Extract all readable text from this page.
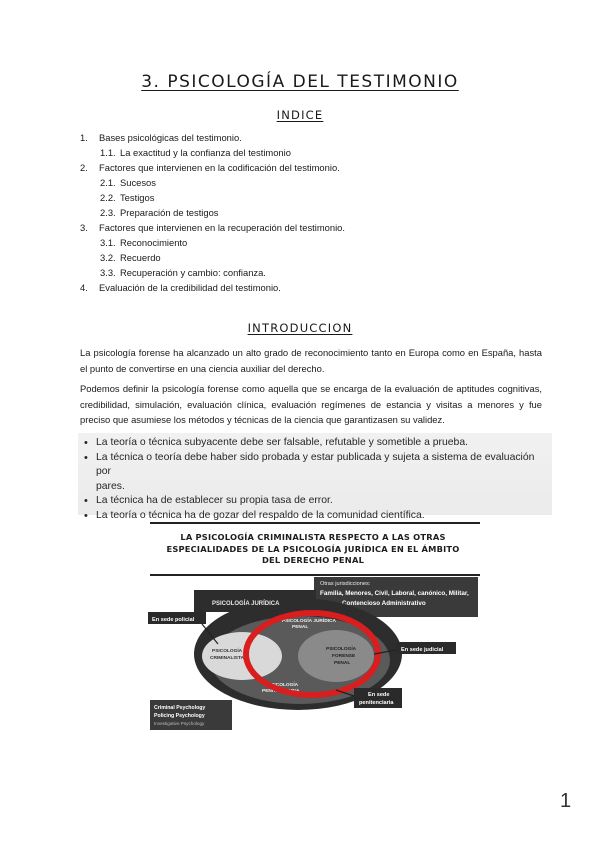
3. PSICOLOGÍA DEL TESTIMONIO
INDICE
1. Bases psicológicas del testimonio.
1.1. La exactitud y la confianza del testimonio
2. Factores que intervienen en la codificación del testimonio.
2.1. Sucesos
2.2. Testigos
2.3. Preparación de testigos
3. Factores que intervienen en la recuperación del testimonio.
3.1. Reconocimiento
3.2. Recuerdo
3.3. Recuperación y cambio: confianza.
4. Evaluación de la credibilidad del testimonio.
INTRODUCCION

La psicología forense ha alcanzado un alto grado de reconocimiento tanto en Europa como en España, hasta el punto de convertirse en una ciencia auxiliar del derecho.

Podemos definir la psicología forense como aquella que se encarga de la evaluación de aptitudes cognitivas, credibilidad, simulación, evaluación clínica, evaluación regímenes de estancia y visitas a menores y fue preciso que asumiese los métodos y técnicas de la ciencia que garantizasen su validez.

• La teoría o técnica subyacente debe ser falsable, refutable y sometible a prueba.
• La técnica o teoría debe haber sido probada y estar publicada y sujeta a sistema de evaluación por
pares.
• La técnica ha de establecer su propia tasa de error.
• La teoría o técnica ha de gozar del respaldo de la comunidad científica.
LA PSICOLOGÍA CRIMINALISTA RESPECTO A LAS OTRAS
ESPECIALIDADES DE LA PSICOLOGÍA JURÍDICA EN EL ÁMBITO
DEL DERECHO PENAL
Otras jurisdicciones:
Familia, Menores, Civil, Laboral, canónico, Militar,
Contencioso Administrativo
PSICOLOGÍA JURÍDICA
PSICOLOGÍA JURÍDICA
PENAL
PSICOLOGÍA
CRIMINALISTA
PSICOLOGÍA
FORENSE
PENAL
PSICOLOGÍA
PENITENCIARIA
En sede policial
En sede judicial
En sede
penitenciaria
Criminal Psychology
Policing Psychology
Investigative Psychology
1
